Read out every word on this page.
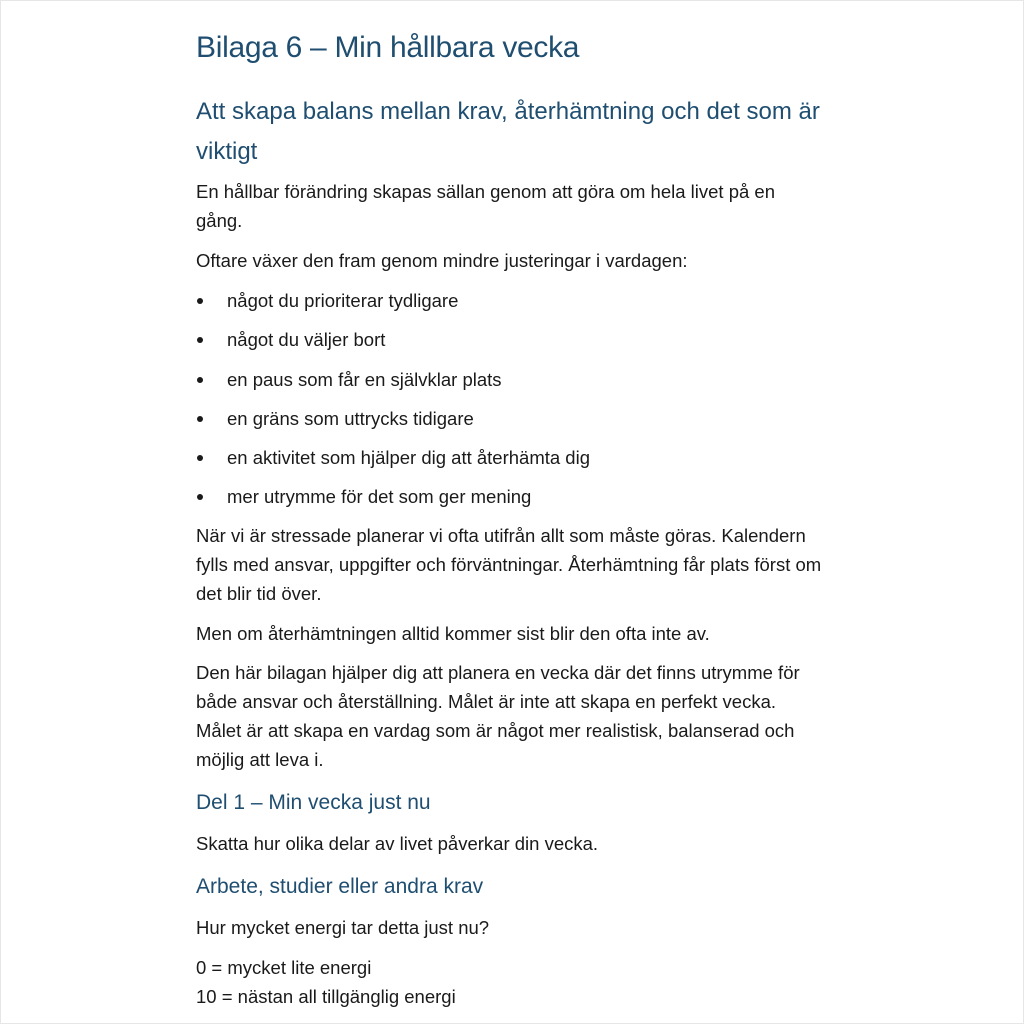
Bilaga 6 – Min hållbara vecka
Att skapa balans mellan krav, återhämtning och det som är viktigt

En hållbar förändring skapas sällan genom att göra om hela livet på en gång.

Oftare växer den fram genom mindre justeringar i vardagen:

något du prioriterar tydligare
något du väljer bort
en paus som får en självklar plats
en gräns som uttrycks tidigare
en aktivitet som hjälper dig att återhämta dig
mer utrymme för det som ger mening

När vi är stressade planerar vi ofta utifrån allt som måste göras. Kalendern fylls med ansvar, uppgifter och förväntningar. Återhämtning får plats först om det blir tid över.

Men om återhämtningen alltid kommer sist blir den ofta inte av.

Den här bilagan hjälper dig att planera en vecka där det finns utrymme för både ansvar och återställning. Målet är inte att skapa en perfekt vecka. Målet är att skapa en vardag som är något mer realistisk, balanserad och möjlig att leva i.

Del 1 – Min vecka just nu

Skatta hur olika delar av livet påverkar din vecka.

Arbete, studier eller andra krav

Hur mycket energi tar detta just nu?

0 = mycket lite energi

10 = nästan all tillgänglig energi
